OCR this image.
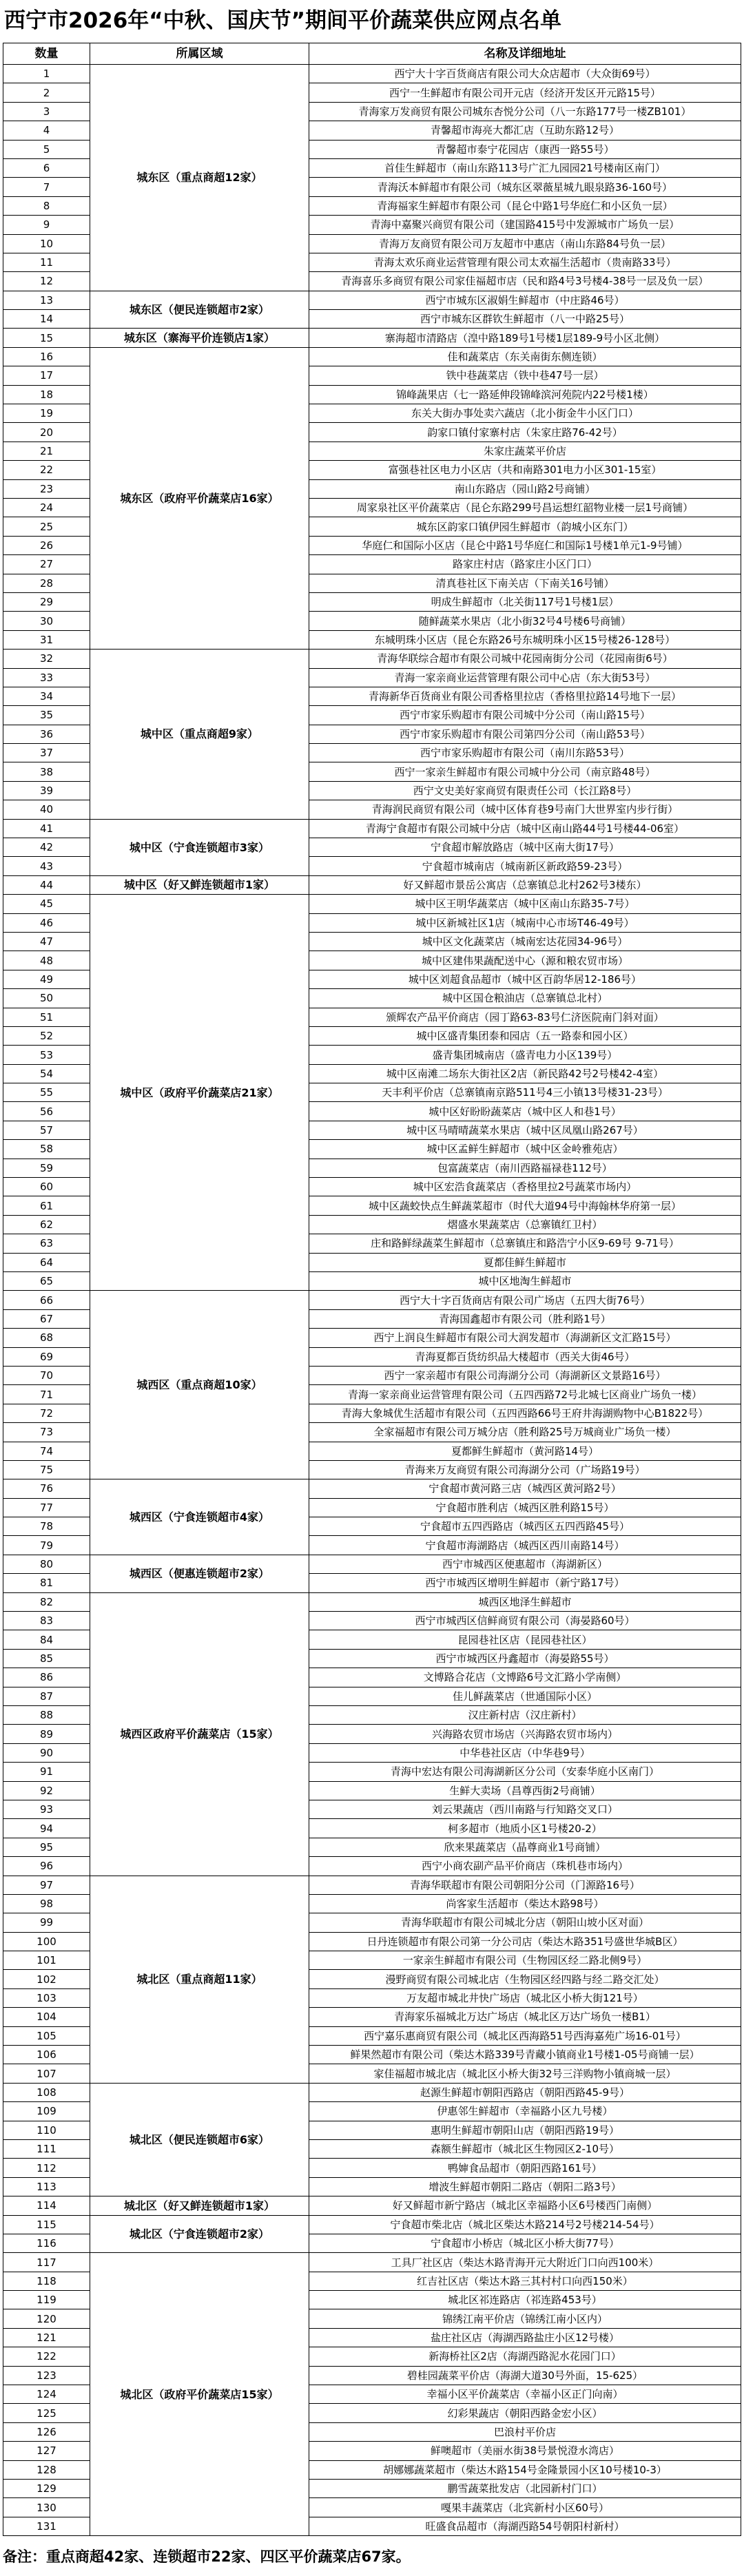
西宁市2026年“中秋、国庆节”期间平价蔬菜供应网点名单
数量	所属区域	名称及详细地址
城东区（重点商超12家）
1	西宁大十字百货商店有限公司大众店超市（大众街69号）
2	西宁一生鲜超市有限公司开元店（经济开发区开元路15号）
3	青海家万发商贸有限公司城东杏悦分公司（八一东路177号一楼ZB101）
4	青馨超市海亮大都汇店（互助东路12号）
5	青馨超市泰宁花园店（康西一路55号）
6	首佳生鲜超市（南山东路113号广汇九园园21号楼南区南门）
7	青海沃本鲜超市有限公司（城东区翠薇星城九眼泉路36-160号）
8	青海福家生鲜超市有限公司（昆仑中路1号华庭仁和小区负一层）
9	青海中嘉聚兴商贸有限公司（建国路415号中发源城市广场负一层）
10	青海万友商贸有限公司万友超市中惠店（南山东路84号负一层）
11	青海太欢乐商业运营管理有限公司太欢福生活超市（贵南路33号）
12	青海喜乐多商贸有限公司家佳福超市店（民和路4号3号楼4-38号一层及负一层）
城东区（便民连锁超市2家）
13	西宁市城东区淑娟生鲜超市（中庄路46号）
14	西宁市城东区群钦生鲜超市（八一中路25号）
城东区（寨海平价连锁店1家）
15	寨海超市清路店（湟中路189号1号楼1层189-9号小区北侧）
城东区（政府平价蔬菜店16家）
16	佳和蔬菜店（东关南街东侧连锁）
17	铁中巷蔬菜店（铁中巷47号一层）
18	锦峰蔬果店（七一路延伸段锦峰滨河苑院内22号楼1楼）
19	东关大街办事处卖六蔬店（北小街金牛小区门口）
20	韵家口镇付家寨村店（朱家庄路76-42号）
21	朱家庄蔬菜平价店
22	富强巷社区电力小区店（共和南路301电力小区301-15室）
23	南山东路店（园山路2号商铺）
24	周家泉社区平价蔬菜店（昆仑东路299号昌运想红韶物业楼一层1号商铺）
25	城东区韵家口镇伊园生鲜超市（韵城小区东门）
26	华庭仁和国际小区店（昆仑中路1号华庭仁和国际1号楼1单元1-9号铺）
27	路家庄村店（路家庄小区门口）
28	清真巷社区下南关店（下南关16号铺）
29	明成生鲜超市（北关街117号1号楼1层）
30	随鲜蔬菜水果店（北小街32号4号楼6号商铺）
31	东城明珠小区店（昆仑东路26号东城明珠小区15号楼26-128号）
城中区（重点商超9家）
32	青海华联综合超市有限公司城中花园南街分公司（花园南街6号）
33	青海一家亲商业运营管理有限公司中心店（东大街53号）
34	青海新华百货商业有限公司香格里拉店（香格里拉路14号地下一层）
35	西宁市家乐购超市有限公司城中分公司（南山路15号）
36	西宁市家乐购超市有限公司第四分公司（南山路53号）
37	西宁市家乐购超市有限公司（南川东路53号）
38	西宁一家亲生鲜超市有限公司城中分公司（南京路48号）
39	西宁文史美好家商贸有限责任公司（长江路8号）
40	青海润民商贸有限公司（城中区体育巷9号南门大世界室内步行街）
城中区（宁食连锁超市3家）
41	青海宁食超市有限公司城中分店（城中区南山路44号1号楼44-06室）
42	宁食超市解放路店（城中区南大街17号）
43	宁食超市城南店（城南新区新政路59-23号）
城中区（好又鲜连锁超市1家）
44	好又鲜超市景岳公寓店（总寨镇总北村262号3楼东）
城中区（政府平价蔬菜店21家）
45	城中区王明华蔬菜店（城中区南山东路35-7号）
46	城中区新城社区1店（城南中心市场T46-49号）
47	城中区文化蔬菜店（城南宏达花园34-96号）
48	城中区建伟果蔬配送中心（源和粮农贸市场）
49	城中区刘超食品超市（城中区百韵华居12-186号）
50	城中区国仓粮油店（总寨镇总北村）
51	颁辉农产品平价商店（园丁路63-83号仁济医院南门斜对面）
52	城中区盛青集团泰和园店（五一路泰和园小区）
53	盛青集团城南店（盛青电力小区139号）
54	城中区南滩二场东大街社区2店（新民路42号2号楼42-4室）
55	天丰利平价店（总寨镇南京路511号4三小镇13号楼31-23号）
56	城中区好盼盼蔬菜店（城中区人和巷1号）
57	城中区马晴晴蔬菜水果店（城中区凤凰山路267号）
58	城中区孟鲜生鲜超市（城中区金岭雅苑店）
59	包富蔬菜店（南川西路福禄巷112号）
60	城中区宏浩食蔬菜店（香格里拉2号蔬菜市场内）
61	城中区蔬蛟快点生鲜蔬菜超市（时代大道94号中海翰林华府第一层）
62	熠盛水果蔬菜店（总寨镇红卫村）
63	庄和路鲜绿蔬菜生鲜超市（总寨镇庄和路浩宁小区9-69号 9-71号）
64	夏都佳鲜生鲜超市
65	城中区地淘生鲜超市
城西区（重点商超10家）
66	西宁大十字百货商店有限公司广场店（五四大街76号）
67	青海国鑫超市有限公司（胜利路1号）
68	西宁上润良生鲜超市有限公司大润发超市（海湖新区文汇路15号）
69	青海夏都百货纺织品大楼超市（西关大街46号）
70	西宁一家亲超市有限公司海湖分公司（海湖新区文景路16号）
71	青海一家亲商业运营管理有限公司（五四西路72号北城七区商业广场负一楼）
72	青海大象城优生活超市有限公司（五四西路66号王府井海湖购物中心B1822号）
73	全家福超市有限公司万城分店（胜利路25号万城商业广场负一楼）
74	夏都鲜生鲜超市（黄河路14号）
75	青海来万友商贸有限公司海湖分公司（广场路19号）
城西区（宁食连锁超市4家）
76	宁食超市黄河路三店（城西区黄河路2号）
77	宁食超市胜利店（城西区胜利路15号）
78	宁食超市五四西路店（城西区五四西路45号）
79	宁食超市海湖路店（城西区西川南路14号）
城西区（便惠连锁超市2家）
80	西宁市城西区便惠超市（海湖新区）
81	西宁市城西区增明生鲜超市（新宁路17号）
城西区政府平价蔬菜店（15家）
82	城西区地泽生鲜超市
83	西宁市城西区信鲜商贸有限公司（海晏路60号）
84	昆园巷社区店（昆园巷社区）
85	西宁市城西区丹鑫超市（海晏路55号）
86	文博路合花店（文博路6号文汇路小学南侧）
87	佳儿鲜蔬菜店（世通国际小区）
88	汉庄新村店（汉庄新村）
89	兴海路农贸市场店（兴海路农贸市场内）
90	中华巷社区店（中华巷9号）
91	青海中宏达有限公司海湖新区分公司（安泰华庭小区南门）
92	生鲜大卖场（昌尊西街2号商铺）
93	刘云果蔬店（西川南路与行知路交叉口）
94	柯多超市（地质小区1号楼20-2）
95	欣来果蔬菜店（晶尊商业1号商铺）
96	西宁小商农副产品平价商店（珠机巷市场内）
城北区（重点商超11家）
97	青海华联超市有限公司朝阳分公司（门源路16号）
98	尚客家生活超市（柴达木路98号）
99	青海华联超市有限公司城北分店（朝阳山坡小区对面）
100	日丹连锁超市有限公司第一分公司店（柴达木路351号盛世华城B区）
101	一家亲生鲜超市有限公司（生物园区经二路北侧9号）
102	漫野商贸有限公司城北店（生物园区经四路与经二路交汇处）
103	万友超市城北井快广场店（城北区小桥大街121号）
104	青海家乐福城北万达广场店（城北区万达广场负一楼B1）
105	西宁嘉乐惠商贸有限公司（城北区西海路51号西海嘉苑广场16-01号）
106	鲜果然超市有限公司（柴达木路339号青藏小镇商业1号楼1-05号商铺一层）
107	家佳福超市城北店（城北区小桥大街32号三洋购物小镇商城一层）
城北区（便民连锁超市6家）
108	赵源生鲜超市朝阳西路店（朝阳西路45-9号）
109	伊惠邻生鲜超市（幸福路小区九号楼）
110	惠明生鲜超市朝阳山店（朝阳西路19号）
111	森额生鲜超市（城北区生物园区2-10号）
112	鸭婶食品超市（朝阳西路161号）
113	增波生鲜超市朝阳二路店（朝阳二路3号）
城北区（好又鲜连锁超市1家）
114	好又鲜超市新宁路店（城北区幸福路小区6号楼西门南侧）
城北区（宁食连锁超市2家）
115	宁食超市柴北店（城北区柴达木路214号2号楼214-54号）
116	宁食超市小桥店（城北区小桥大街77号）
城北区（政府平价蔬菜店15家）
117	工具厂社区店（柴达木路青海开元大附近门口向西100米）
118	红吉社区店（柴达木路三其村村口向西150米）
119	城北区祁连路店（祁连路453号）
120	锦绣江南平价店（锦绣江南小区内）
121	盐庄社区店（海湖西路盐庄小区12号楼）
122	新海桥社区2店（海湖西路泥水花园门口）
123	碧桂园蔬菜平价店（海湖大道30号外面，15-625）
124	幸福小区平价蔬菜店（幸福小区正门向南）
125	幻彩果蔬店（朝阳西路金宏小区）
126	巴浪村平价店
127	鲜噢超市（美丽水街38号景悦澄水湾店）
128	胡娜娜蔬菜超市（柴达木路154号金隆景园小区10号楼10-3）
129	鹏雪蔬菜批发店（北园新村门口）
130	嘎果丰蔬菜店（北宾新村小区60号）
131	旺盛食品超市（海湖西路54号朝阳村新村）
备注：重点商超42家、连锁超市22家、四区平价蔬菜店67家。
